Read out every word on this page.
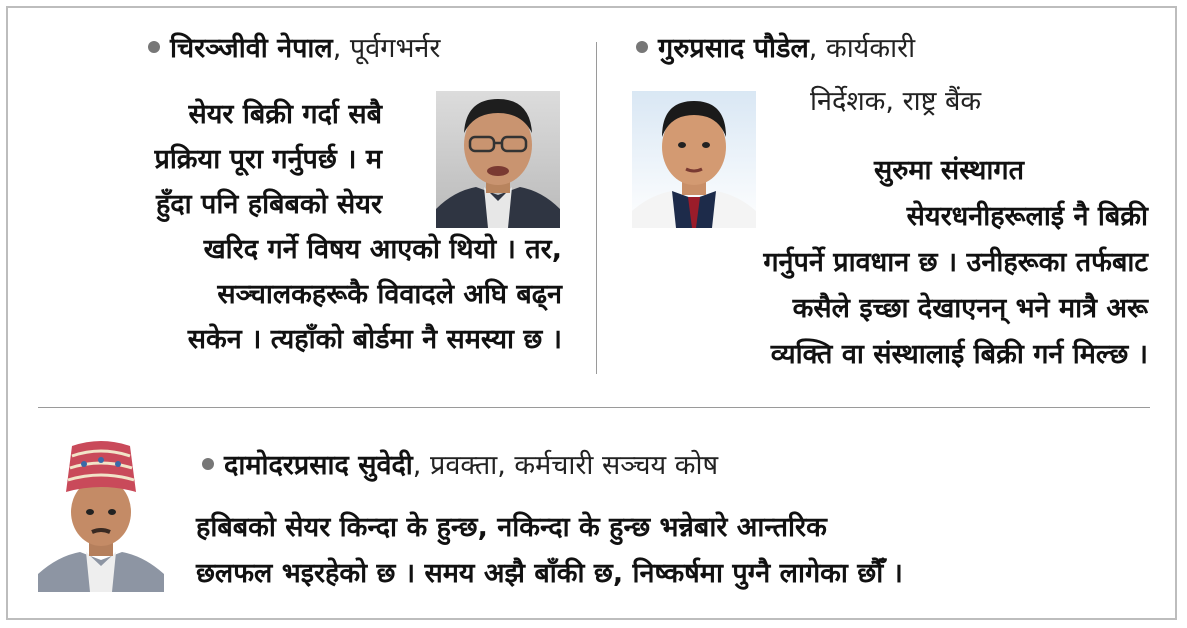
चिरञ्जीवी नेपाल, पूर्वगभर्नर
सेयर बिक्री गर्दा सबै
प्रक्रिया पूरा गर्नुपर्छ । म
हुँदा पनि हबिबको सेयर
खरिद गर्ने विषय आएको थियो । तर,
सञ्चालकहरूकै विवादले अघि बढ्न
सकेन । त्यहाँको बोर्डमा नै समस्या छ ।
गुरुप्रसाद पौडेल, कार्यकारी
निर्देशक, राष्ट्र बैंक
सुरुमा संस्थागत
सेयरधनीहरूलाई नै बिक्री
गर्नुपर्ने प्रावधान छ । उनीहरूका तर्फबाट
कसैले इच्छा देखाएनन् भने मात्रै अरू
व्यक्ति वा संस्थालाई बिक्री गर्न मिल्छ ।
दामोदरप्रसाद सुवेदी, प्रवक्ता, कर्मचारी सञ्चय कोष
हबिबको सेयर किन्दा के हुन्छ, नकिन्दा के हुन्छ भन्नेबारे आन्तरिक
छलफल भइरहेको छ । समय अझै बाँकी छ, निष्कर्षमा पुग्नै लागेका छौँ ।
